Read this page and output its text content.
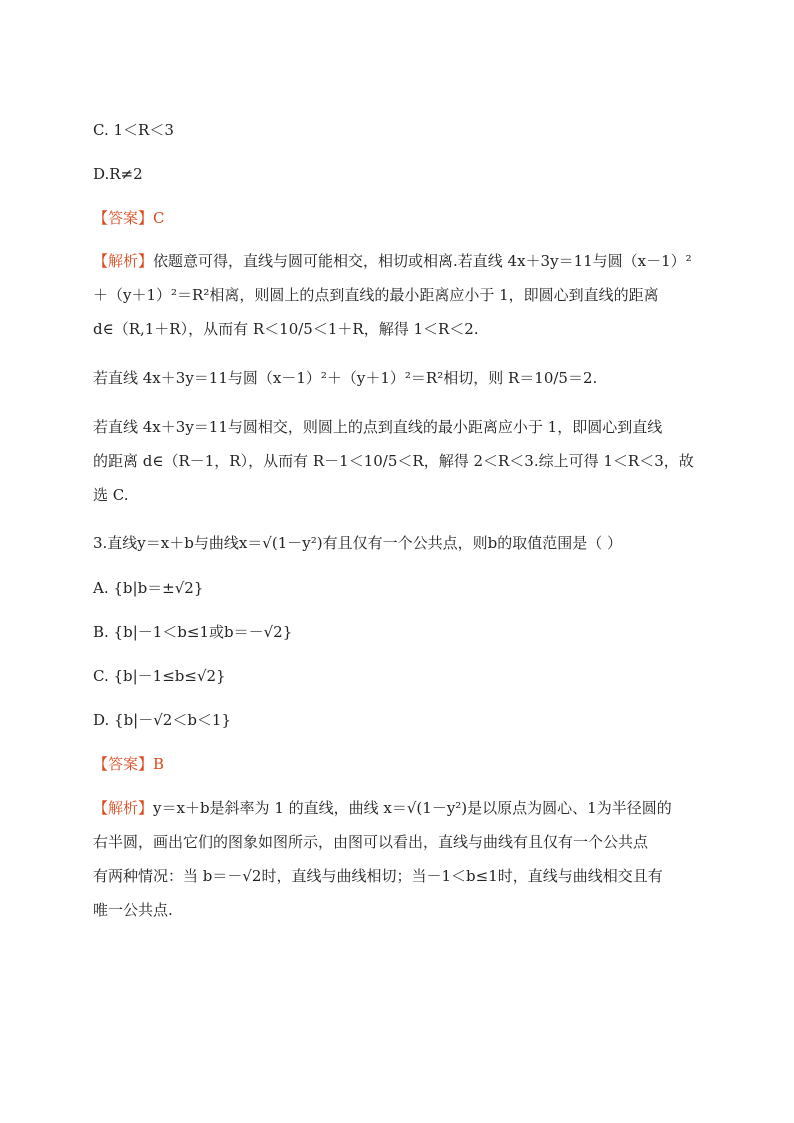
C. 1＜R＜3
D.R≠2
【答案】C
【解析】依题意可得，直线与圆可能相交，相切或相离.若直线 4x＋3y＝11与圆（x－1）²
＋（y＋1）²＝R²相离，则圆上的点到直线的最小距离应小于 1，即圆心到直线的距离
d∈（R,1＋R），从而有 R＜10/5＜1＋R，解得 1＜R＜2.
若直线 4x＋3y＝11与圆（x－1）²＋（y＋1）²＝R²相切，则 R＝10/5＝2.
若直线 4x＋3y＝11与圆相交，则圆上的点到直线的最小距离应小于 1，即圆心到直线
的距离 d∈（R－1，R），从而有 R－1＜10/5＜R，解得 2＜R＜3.综上可得 1＜R＜3，故
选 C.
3.直线y＝x＋b与曲线x＝√(1－y²)有且仅有一个公共点，则b的取值范围是（ ）
A. {b|b＝±√2}
B. {b|－1＜b≤1或b＝－√2}
C. {b|－1≤b≤√2}
D. {b|－√2＜b＜1}
【答案】B
【解析】y＝x＋b是斜率为 1 的直线，曲线 x＝√(1－y²)是以原点为圆心、1为半径圆的
右半圆，画出它们的图象如图所示，由图可以看出，直线与曲线有且仅有一个公共点
有两种情况：当 b＝－√2时，直线与曲线相切；当－1＜b≤1时，直线与曲线相交且有
唯一公共点.
